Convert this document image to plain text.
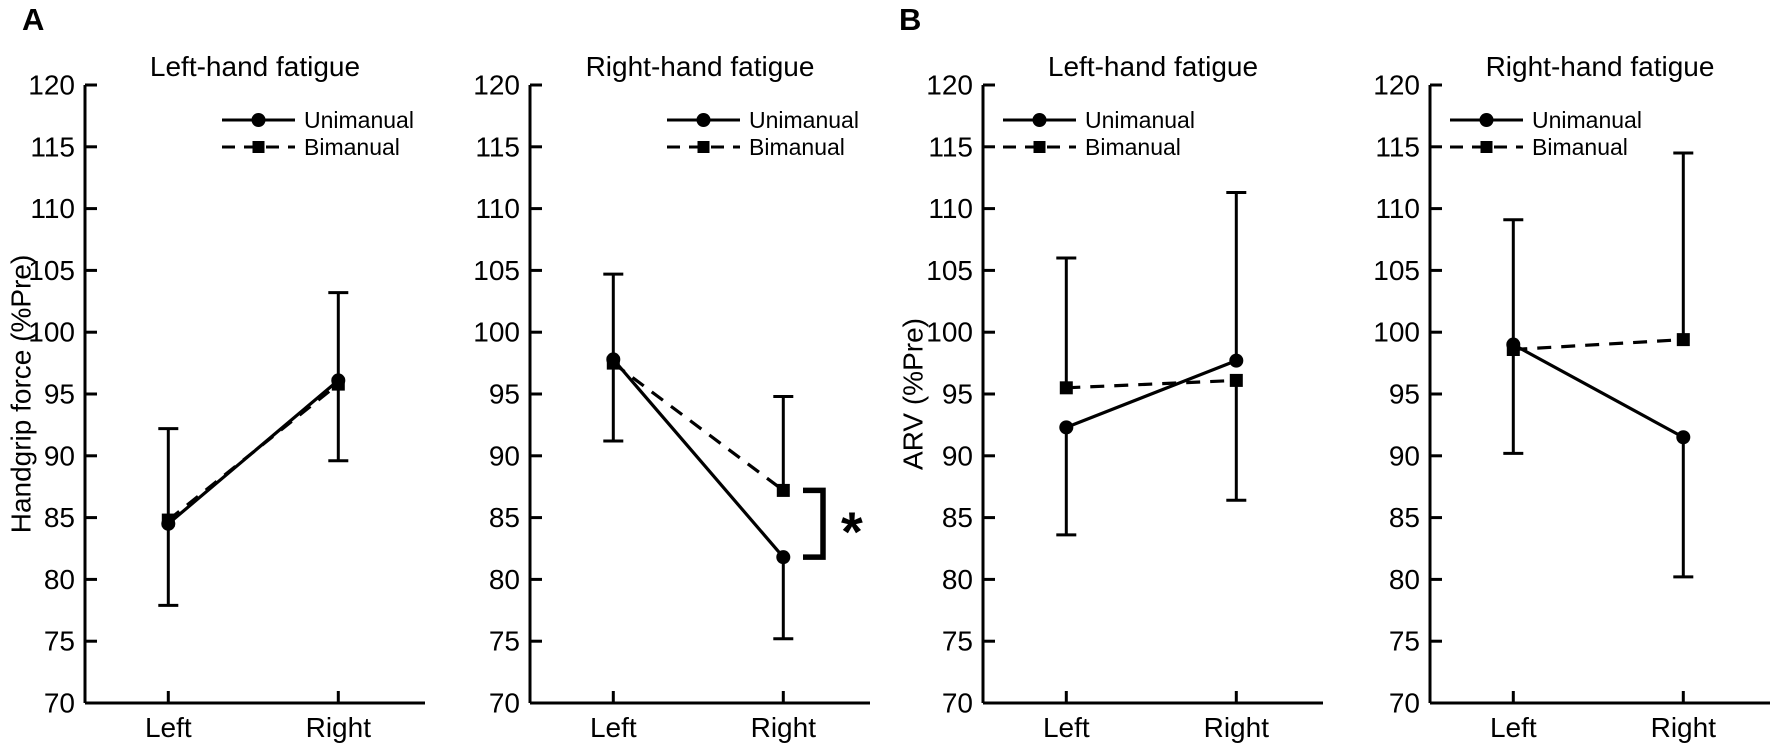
A	B
Left-hand fatigue
120
115
110
105
100
95
90
85
80
75
70
Left	Right
Handgrip force (%Pre)
Unimanual
Bimanual
Right-hand fatigue
120
115
110
105
100
95
90
85
80
75
70
Left	Right
Unimanual
Bimanual
*
Left-hand fatigue
120
115
110
105
100
95
90
85
80
75
70
Left	Right
ARV (%Pre)
Unimanual
Bimanual
Right-hand fatigue
120
115
110
105
100
95
90
85
80
75
70
Left	Right
Unimanual
Bimanual
